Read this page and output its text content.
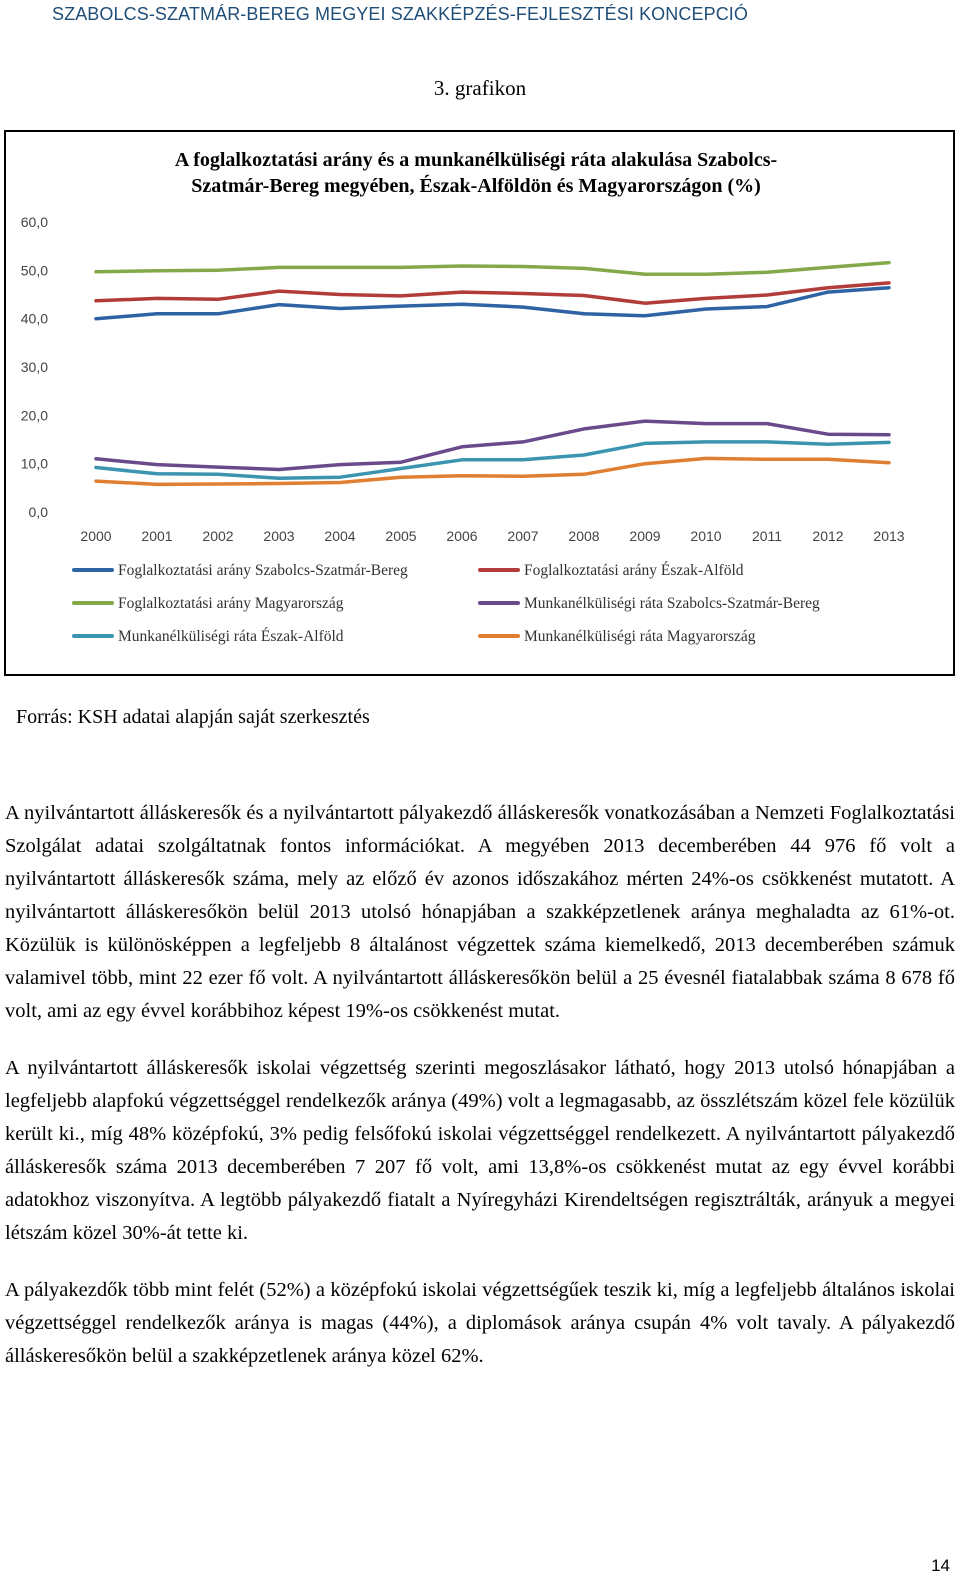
SZABOLCS-SZATMÁR-BEREG MEGYEI SZAKKÉPZÉS-FEJLESZTÉSI KONCEPCIÓ
3. grafikon
A foglalkoztatási arány és a munkanélküliségi ráta alakulása Szabolcs-
Szatmár-Bereg megyében, Észak-Alföldön és Magyarországon (%)
0,0
10,0
20,0
30,0
40,0
50,0
60,0
2000 2001 2002 2003 2004 2005 2006 2007 2008 2009 2010 2011 2012 2013
Foglalkoztatási arány Szabolcs-Szatmár-Bereg	Foglalkoztatási arány Észak-Alföld
Foglalkoztatási arány Magyarország	Munkanélküliségi ráta Szabolcs-Szatmár-Bereg
Munkanélküliségi ráta Észak-Alföld	Munkanélküliségi ráta Magyarország
Forrás: KSH adatai alapján saját szerkesztés

A nyilvántartott álláskeresők és a nyilvántartott pályakezdő álláskeresők vonatkozásában a Nemzeti Foglalkoztatási Szolgálat adatai szolgáltatnak fontos információkat. A megyében 2013 decemberében 44 976 fő volt a nyilvántartott álláskeresők száma, mely az előző év azonos időszakához mérten 24%-os csökkenést mutatott. A nyilvántartott álláskeresőkön belül 2013 utolsó hónapjában a szakképzetlenek aránya meghaladta az 61%-ot. Közülük is különösképpen a legfeljebb 8 általánost végzettek száma kiemelkedő, 2013 decemberében számuk valamivel több, mint 22 ezer fő volt. A nyilvántartott álláskeresőkön belül a 25 évesnél fiatalabbak száma 8 678 fő volt, ami az egy évvel korábbihoz képest 19%-os csökkenést mutat.

A nyilvántartott álláskeresők iskolai végzettség szerinti megoszlásakor látható, hogy 2013 utolsó hónapjában a legfeljebb alapfokú végzettséggel rendelkezők aránya (49%) volt a legmagasabb, az összlétszám közel fele közülük került ki., míg 48% középfokú, 3% pedig felsőfokú iskolai végzettséggel rendelkezett. A nyilvántartott pályakezdő álláskeresők száma 2013 decemberében 7 207 fő volt, ami 13,8%-os csökkenést mutat az egy évvel korábbi adatokhoz viszonyítva. A legtöbb pályakezdő fiatalt a Nyíregyházi Kirendeltségen regisztrálták, arányuk a megyei létszám közel 30%-át tette ki.

A pályakezdők több mint felét (52%) a középfokú iskolai végzettségűek teszik ki, míg a legfeljebb általános iskolai végzettséggel rendelkezők aránya is magas (44%), a diplomások aránya csupán 4% volt tavaly. A pályakezdő álláskeresőkön belül a szakképzetlenek aránya közel 62%.

14
